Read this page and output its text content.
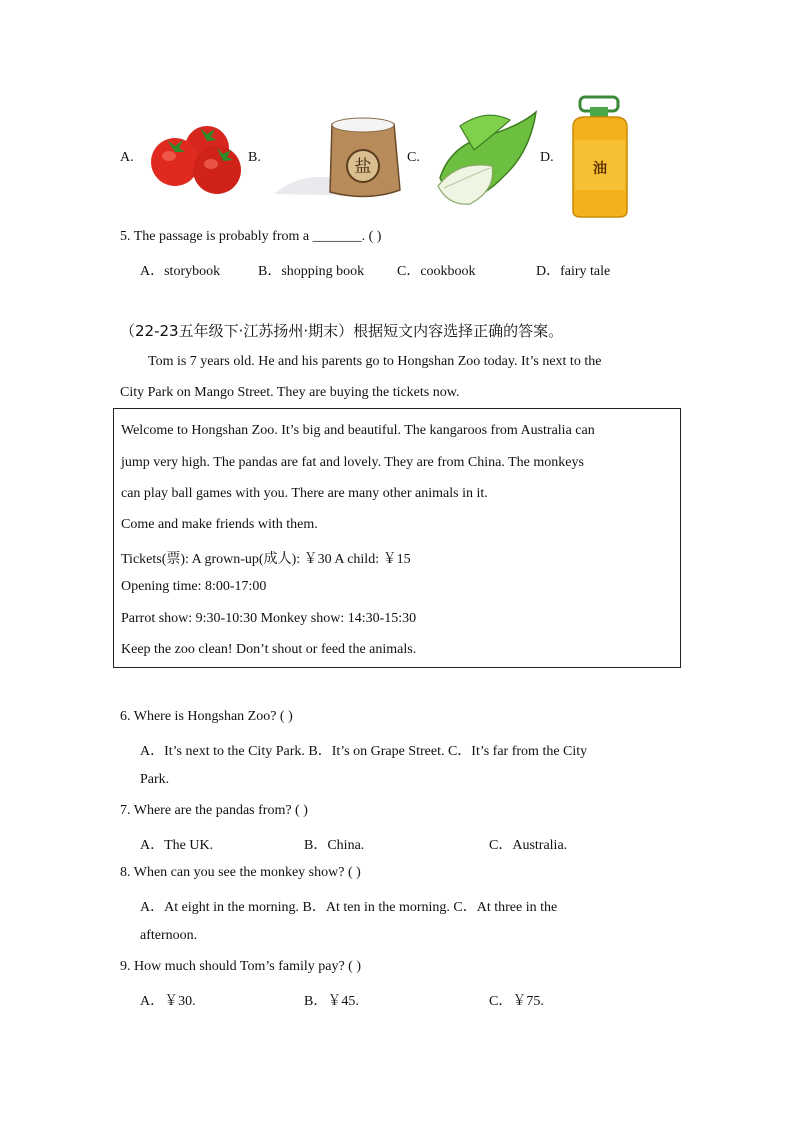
A.	B.	盐	C.	D.
油
5. The passage is probably from a _______. ( )
A．storybook	B．shopping book C．cookbook	D．fairy tale
（22-23五年级下·江苏扬州·期末）根据短文内容选择正确的答案。
Tom is 7 years old. He and his parents go to Hongshan Zoo today. It’s next to the
City Park on Mango Street. They are buying the tickets now.
Welcome to Hongshan Zoo. It’s big and beautiful. The kangaroos from Australia can
jump very high. The pandas are fat and lovely. They are from China. The monkeys
can play ball games with you. There are many other animals in it.
Come and make friends with them.
Tickets(票): A grown-up(成人): ￥30 A child: ￥15
Opening time: 8:00-17:00
Parrot show: 9:30-10:30 Monkey show: 14:30-15:30
Keep the zoo clean! Don’t shout or feed the animals.
6. Where is Hongshan Zoo? ( )
A．It’s next to the City Park. B．It’s on Grape Street. C．It’s far from the City
Park.
7. Where are the pandas from? ( )
A．The UK.	B．China.	C．Australia.
8. When can you see the monkey show? ( )
A．At eight in the morning. B．At ten in the morning. C．At three in the
afternoon.
9. How much should Tom’s family pay? ( )
A．￥30.	B．￥45.	C．￥75.
